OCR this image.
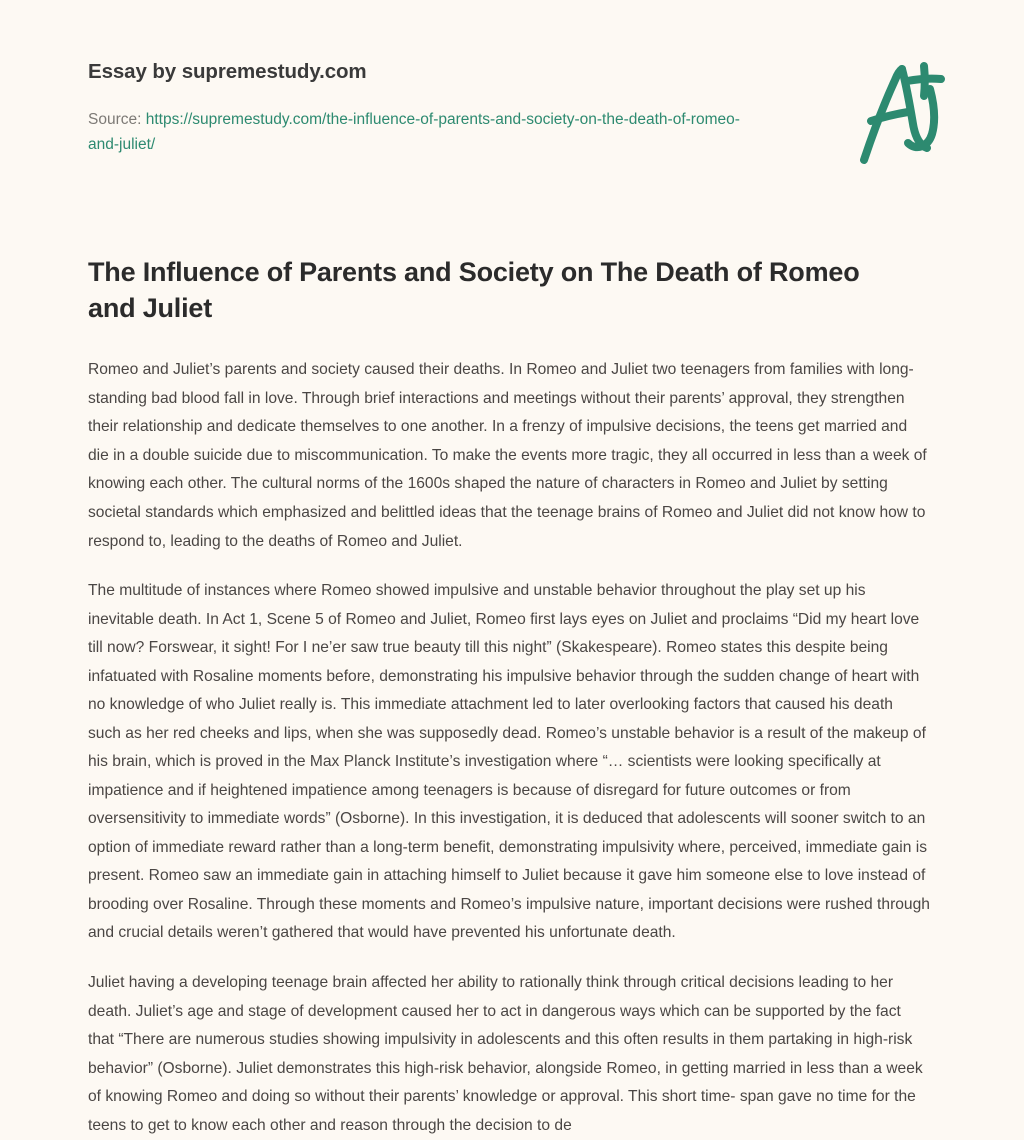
Essay by supremestudy.com
Source: https://supremestudy.com/the-influence-of-parents-and-society-on-the-death-of-romeo-and-juliet/
The Influence of Parents and Society on The Death of Romeo and Juliet

Romeo and Juliet’s parents and society caused their deaths. In Romeo and Juliet two teenagers from families with long-standing bad blood fall in love. Through brief interactions and meetings without their parents’ approval, they strengthen their relationship and dedicate themselves to one another. In a frenzy of impulsive decisions, the teens get married and die in a double suicide due to miscommunication. To make the events more tragic, they all occurred in less than a week of knowing each other. The cultural norms of the 1600s shaped the nature of characters in Romeo and Juliet by setting societal standards which emphasized and belittled ideas that the teenage brains of Romeo and Juliet did not know how to respond to, leading to the deaths of Romeo and Juliet.

The multitude of instances where Romeo showed impulsive and unstable behavior throughout the play set up his inevitable death. In Act 1, Scene 5 of Romeo and Juliet, Romeo first lays eyes on Juliet and proclaims “Did my heart love till now? Forswear, it sight! For I ne’er saw true beauty till this night” (Skakespeare). Romeo states this despite being infatuated with Rosaline moments before, demonstrating his impulsive behavior through the sudden change of heart with no knowledge of who Juliet really is. This immediate attachment led to later overlooking factors that caused his death such as her red cheeks and lips, when she was supposedly dead. Romeo’s unstable behavior is a result of the makeup of his brain, which is proved in the Max Planck Institute’s investigation where “… scientists were looking specifically at impatience and if heightened impatience among teenagers is because of disregard for future outcomes or from oversensitivity to immediate words” (Osborne). In this investigation, it is deduced that adolescents will sooner switch to an option of immediate reward rather than a long-term benefit, demonstrating impulsivity where, perceived, immediate gain is present. Romeo saw an immediate gain in attaching himself to Juliet because it gave him someone else to love instead of brooding over Rosaline. Through these moments and Romeo’s impulsive nature, important decisions were rushed through and crucial details weren’t gathered that would have prevented his unfortunate death.

Juliet having a developing teenage brain affected her ability to rationally think through critical decisions leading to her death. Juliet’s age and stage of development caused her to act in dangerous ways which can be supported by the fact that “There are numerous studies showing impulsivity in adolescents and this often results in them partaking in high-risk behavior” (Osborne). Juliet demonstrates this high-risk behavior, alongside Romeo, in getting married in less than a week of knowing Romeo and doing so without their parents’ knowledge or approval. This short time- span gave no time for the teens to get to know each other and reason through the decision to de
